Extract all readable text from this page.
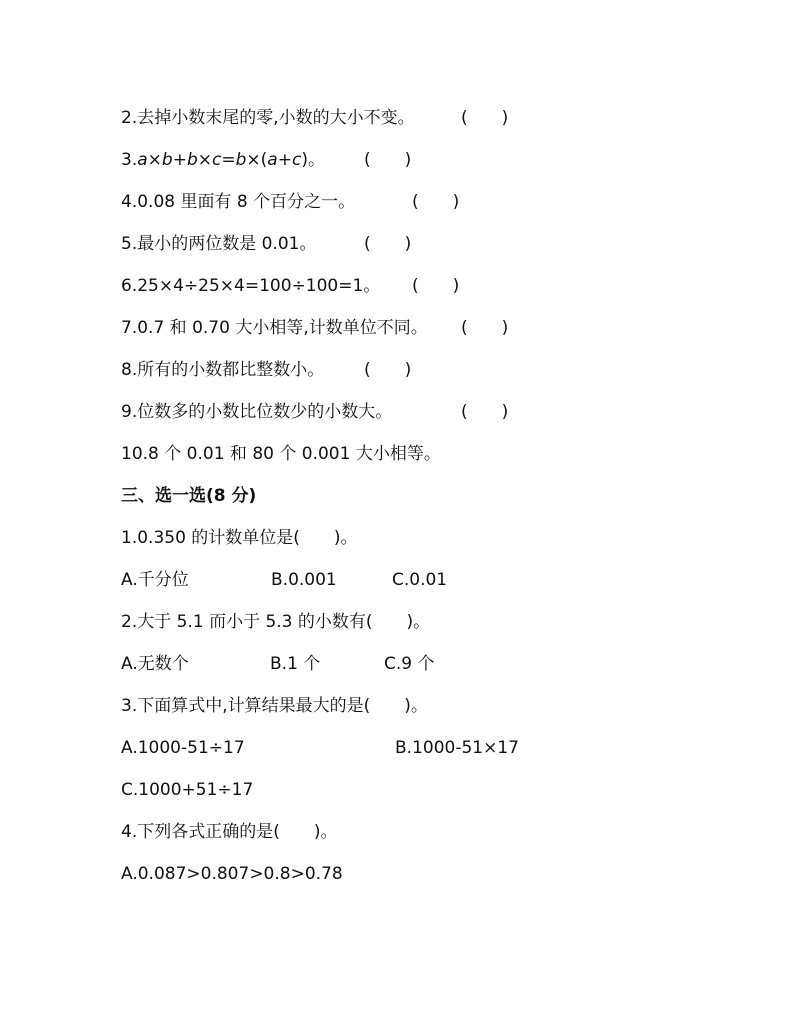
2.去掉小数末尾的零,小数的大小不变。	(　　)
3.a×b+b×c=b×(a+c)。 (　　)
4.0.08 里面有 8 个百分之一。	(　　)
5.最小的两位数是 0.01。	(　　)
6.25×4÷25×4=100÷100=1。 (　　)
7.0.7 和 0.70 大小相等,计数单位不同。 (　　)
8.所有的小数都比整数小。 (　　)
9.位数多的小数比位数少的小数大。	(　　)
10.8 个 0.01 和 80 个 0.001 大小相等。
三、选一选(8 分)
1.0.350 的计数单位是(　　)。
A.千分位	B.0.001	C.0.01
2.大于 5.1 而小于 5.3 的小数有(　　)。
A.无数个	B.1 个	C.9 个
3.下面算式中,计算结果最大的是(　　)。
A.1000-51÷17	B.1000-51×17
C.1000+51÷17
4.下列各式正确的是(　　)。
A.0.087>0.807>0.8>0.78
